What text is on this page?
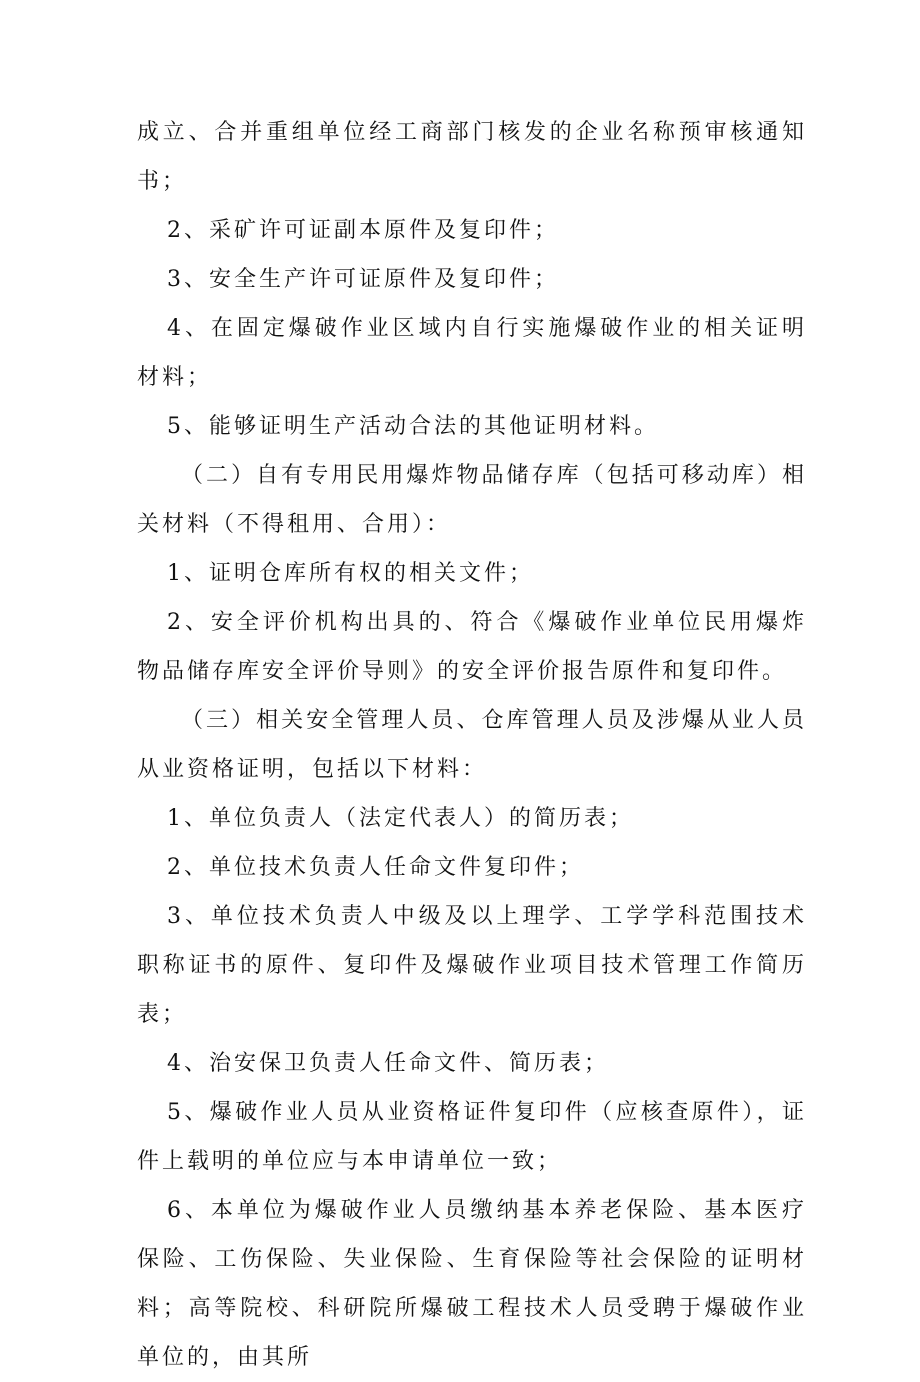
成立、合并重组单位经工商部门核发的企业名称预审核通知书；

2、采矿许可证副本原件及复印件；

3、安全生产许可证原件及复印件；

4、在固定爆破作业区域内自行实施爆破作业的相关证明材料；

5、能够证明生产活动合法的其他证明材料。

（二）自有专用民用爆炸物品储存库（包括可移动库）相关材料（不得租用、合用）：

1、证明仓库所有权的相关文件；

2、安全评价机构出具的、符合《爆破作业单位民用爆炸物品储存库安全评价导则》的安全评价报告原件和复印件。

（三）相关安全管理人员、仓库管理人员及涉爆从业人员从业资格证明，包括以下材料：

1、单位负责人（法定代表人）的简历表；

2、单位技术负责人任命文件复印件；

3、单位技术负责人中级及以上理学、工学学科范围技术职称证书的原件、复印件及爆破作业项目技术管理工作简历表；

4、治安保卫负责人任命文件、简历表；

5、爆破作业人员从业资格证件复印件（应核查原件），证件上载明的单位应与本申请单位一致；

6、本单位为爆破作业人员缴纳基本养老保险、基本医疗保险、工伤保险、失业保险、生育保险等社会保险的证明材料；高等院校、科研院所爆破工程技术人员受聘于爆破作业单位的，由其所
